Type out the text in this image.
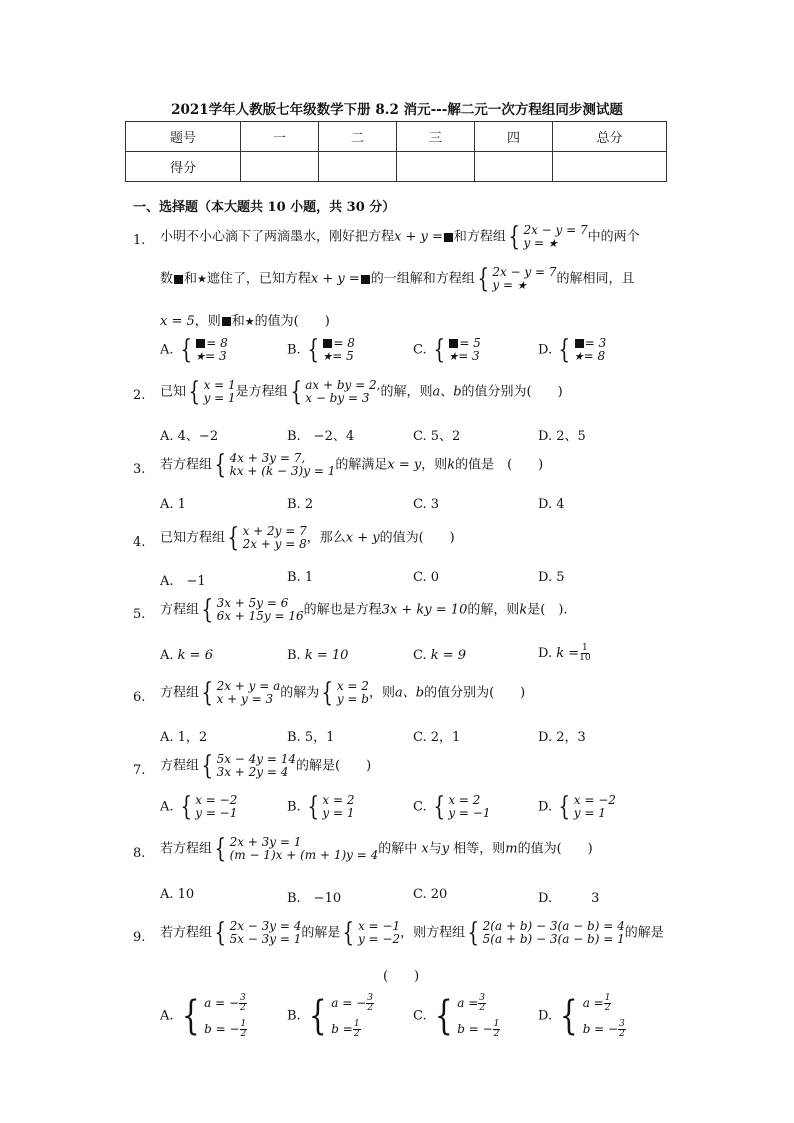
2021学年人教版七年级数学下册 8.2 消元---解二元一次方程组同步测试题
题号	一	二	三	四	总分
得分					
一、选择题（本大题共 10 小题，共 30 分）
1. 小明不小心滴下了两滴墨水，刚好把方程x + y = 和方程组 { 2x − y = 7
y = ★	中的两个
数 和★遮住了，已知方程x + y = 的一组解和方程组 { 2x − y = 7
y = ★	的解相同，且
x = 5，则 和★的值为(　　)
A. {	= 8
★= 3	B. {	= 8
★= 5	C. {	= 5
★= 3	D. {	= 3
★= 8
2. 已知 { x = 1
y = 1 是方程组 { ax + by = 2,
x − by = 3 的解，则a、b的值分别为(　　)
A. 4、−2	B.　−2、4	C. 5、2	D. 2、5
3. 若方程组 { 4x + 3y = 7,
kx + (k − 3)y = 1 的解满足x = y，则k的值是　(　　)
A. 1	B. 2	C. 3	D. 4
4. 已知方程组 { x + 2y = 7
2x + y = 8 ，那么x + y的值为(　　)
A.　−1	B. 1	C. 0	D. 5
5. 方程组 { 3x + 5y = 6
6x + 15y = 16 的解也是方程3x + ky = 10的解，则k是(　).
A. k = 6	B. k = 10	C. k = 9	D. $k = \frac{1}{10}$
6. 方程组 { 2x + y = a
x + y = 3 的解为 { x = 2
y = b ，则a、b的值分别为(　　)
A. 1，2	B. 5，1	C. 2，1	D. 2，3
7. 方程组 { 5x − 4y = 14
3x + 2y = 4 的解是(　　)
A. { x = −2
y = −1	B. { x = 2
y = 1	C. { x = 2
y = −1	D. { x = −2
y = 1
8. 若方程组 { 2x + 3y = 1
(m − 1)x + (m + 1)y = 4 的解中 x与y 相等，则m的值为(　　)
A. 10	B.　−10	C. 20	D.　　　3
9. 若方程组 { 2x − 3y = 4
5x − 3y = 1 的解是 { x = −1
y = −2 ，则方程组 { 2(a + b) − 3(a − b) = 4
5(a + b) − 3(a − b) = 1 的解是
(　　)
A. { a = − $\frac{3}{2}$
b = − $\frac{1}{2}$
B. { a = − $\frac{3}{2}$
$b = \frac{1}{2}$
C. { $a = \frac{3}{2}$
b = − $\frac{1}{2}$
D. { $a = \frac{1}{2}$
b = − $\frac{3}{2}$
